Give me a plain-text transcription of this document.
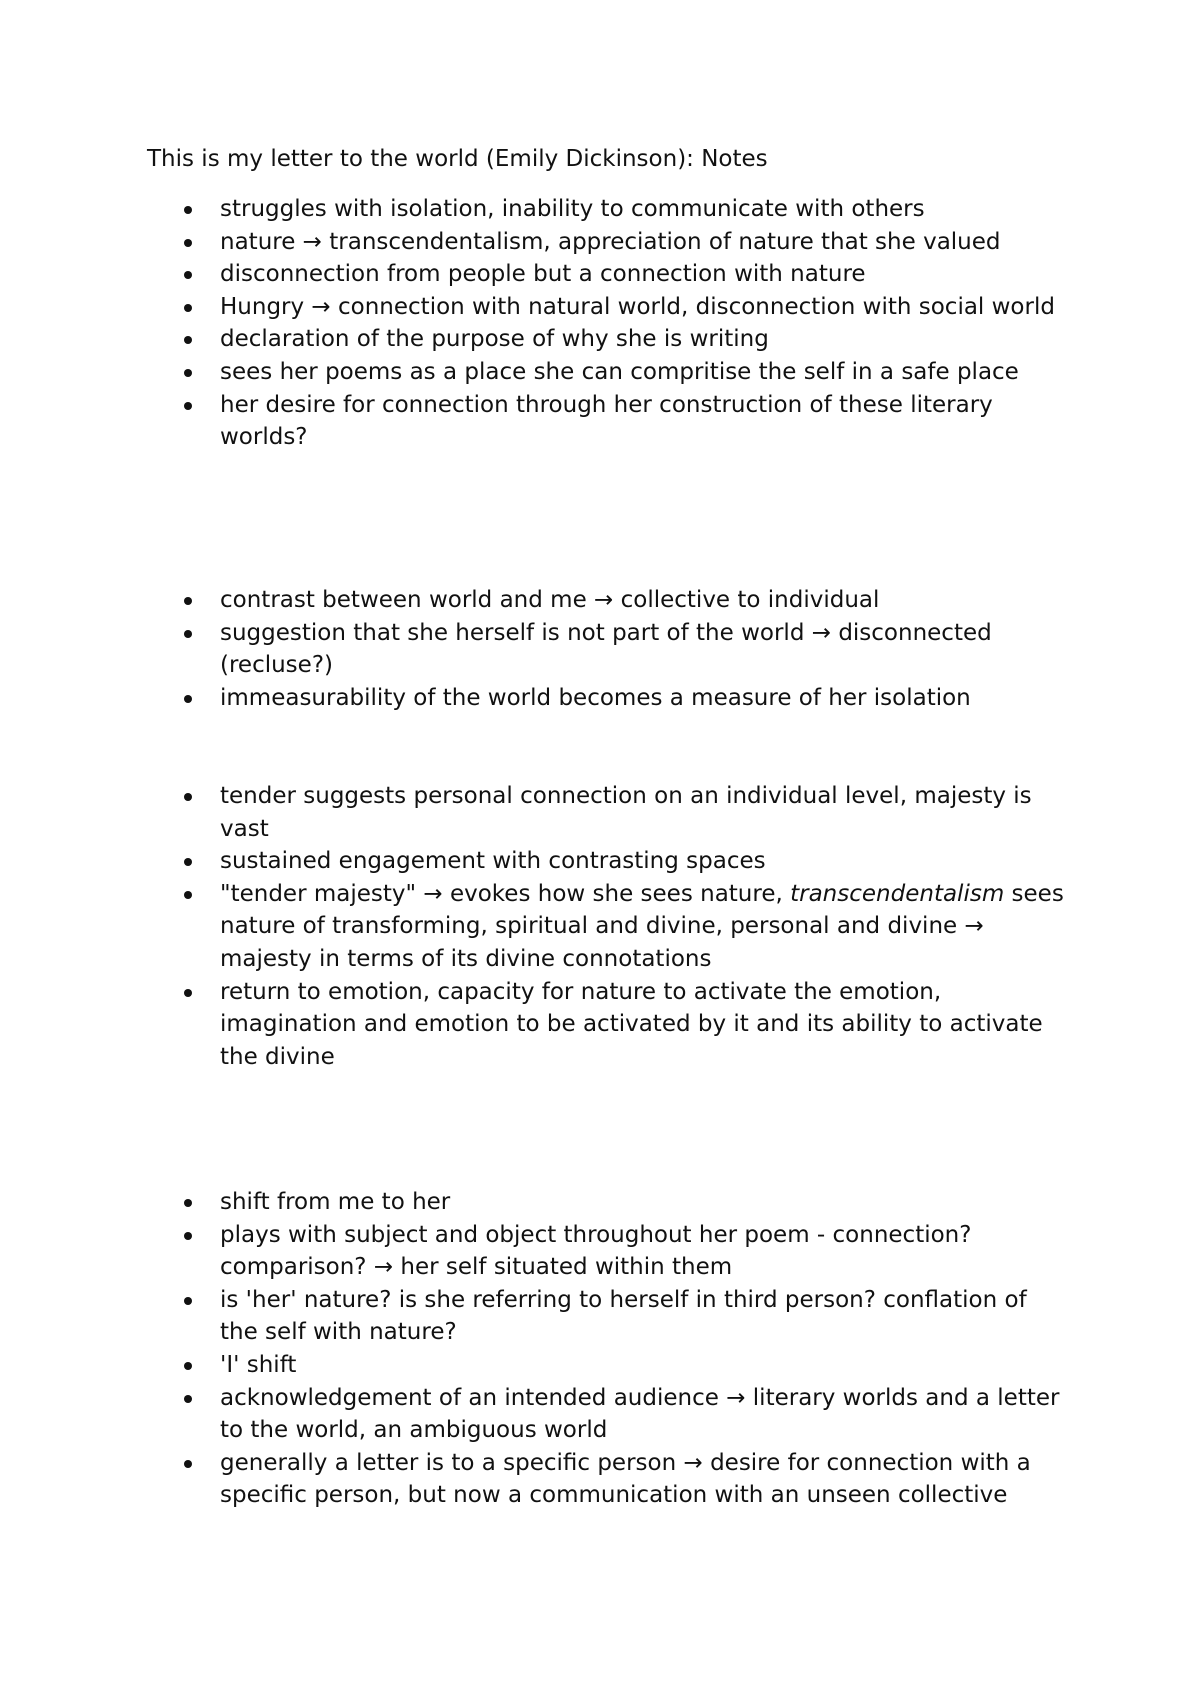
This is my letter to the world (Emily Dickinson): Notes
struggles with isolation, inability to communicate with others
nature → transcendentalism, appreciation of nature that she valued
disconnection from people but a connection with nature
Hungry → connection with natural world, disconnection with social world
declaration of the purpose of why she is writing
sees her poems as a place she can compritise the self in a safe place
her desire for connection through her construction of these literary worlds?
contrast between world and me → collective to individual
suggestion that she herself is not part of the world → disconnected (recluse?)
immeasurability of the world becomes a measure of her isolation
tender suggests personal connection on an individual level, majesty is vast
sustained engagement with contrasting spaces
"tender majesty" → evokes how she sees nature, transcendentalism sees nature of transforming, spiritual and divine, personal and divine → majesty in terms of its divine connotations
return to emotion, capacity for nature to activate the emotion, imagination and emotion to be activated by it and its ability to activate the divine
shift from me to her
plays with subject and object throughout her poem - connection? comparison? → her self situated within them
is 'her' nature? is she referring to herself in third person? conflation of the self with nature?
'I' shift
acknowledgement of an intended audience → literary worlds and a letter to the world, an ambiguous world
generally a letter is to a specific person → desire for connection with a specific person, but now a communication with an unseen collective
